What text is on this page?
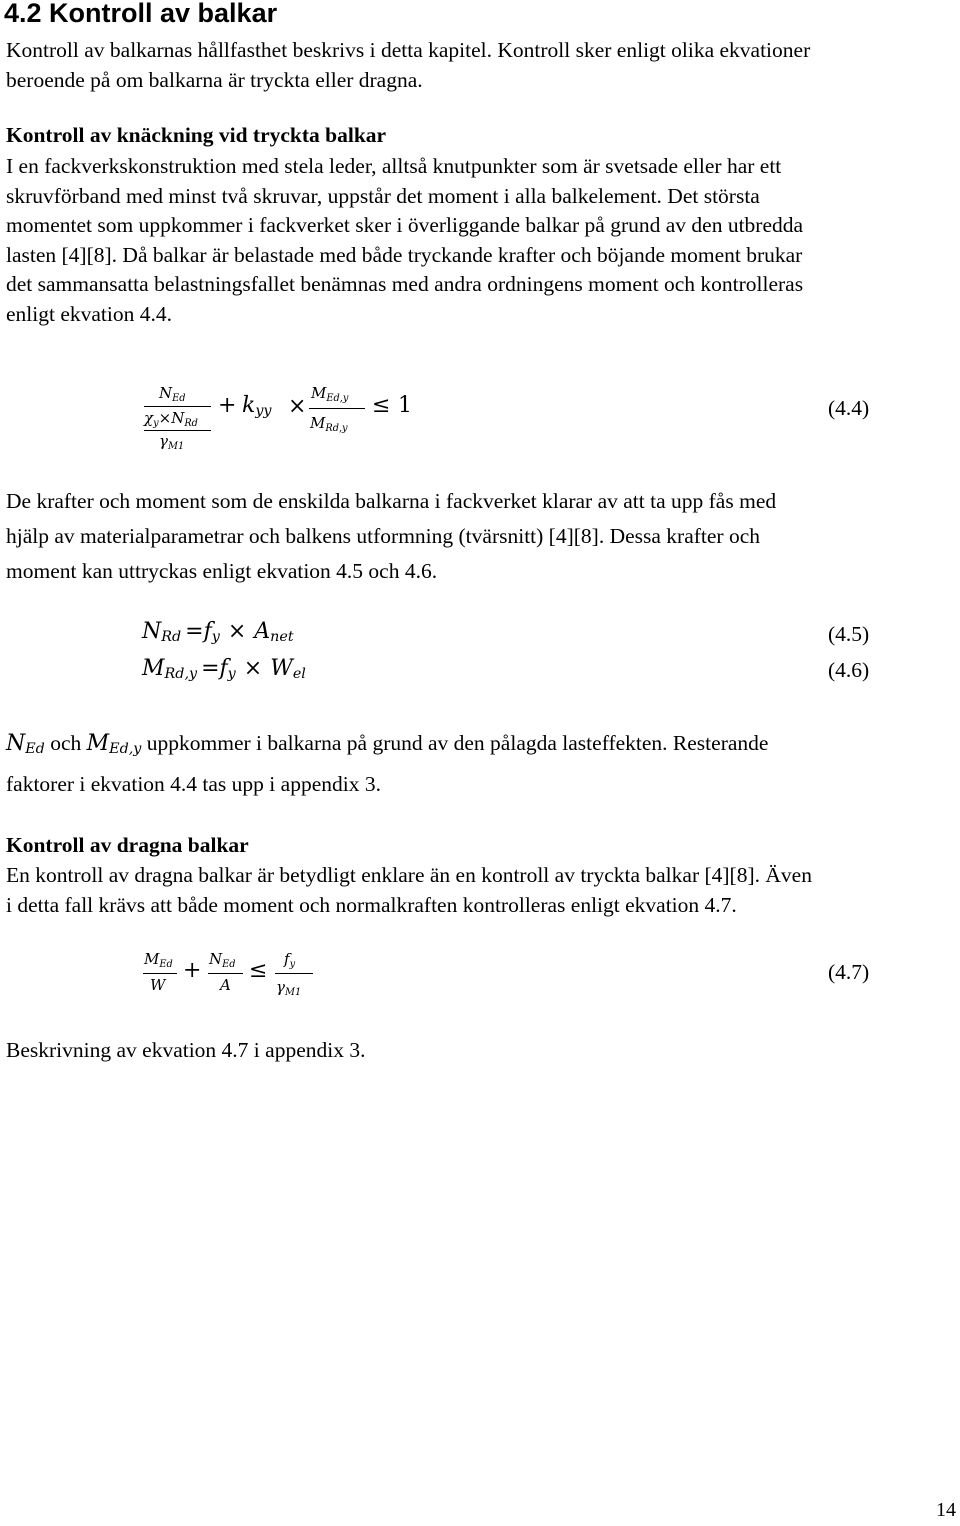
4.2 Kontroll av balkar
Kontroll av balkarnas hållfasthet beskrivs i detta kapitel. Kontroll sker enligt olika ekvationer
beroende på om balkarna är tryckta eller dragna.
Kontroll av knäckning vid tryckta balkar
I en fackverkskonstruktion med stela leder, alltså knutpunkter som är svetsade eller har ett
skruvförband med minst två skruvar, uppstår det moment i alla balkelement. Det största
momentet som uppkommer i fackverket sker i överliggande balkar på grund av den utbredda
lasten [4][8]. Då balkar är belastade med både tryckande krafter och böjande moment brukar
det sammansatta belastningsfallet benämnas med andra ordningens moment och kontrolleras
enligt ekvation 4.4.
$N_{Ed}$
$\chi_y\times N_{Rd}$
$\gamma_{M1}$
+ $k_{yy}$ ×
$M_{Ed,y}$
$M_{Rd,y}$
≤ 1	(4.4)
De krafter och moment som de enskilda balkarna i fackverket klarar av att ta upp fås med
hjälp av materialparametrar och balkens utformning (tvärsnitt) [4][8]. Dessa krafter och
moment kan uttryckas enligt ekvation 4.5 och 4.6.
$N_{Rd} =f_y \times A_{net}$	(4.5)
$M_{Rd,y} =f_y \times W_{el}$	(4.6)
$N_{Ed}$ och $M_{Ed,y}$ uppkommer i balkarna på grund av den pålagda lasteffekten. Resterande
faktorer i ekvation 4.4 tas upp i appendix 3.
Kontroll av dragna balkar
En kontroll av dragna balkar är betydligt enklare än en kontroll av tryckta balkar [4][8]. Även
i detta fall krävs att både moment och normalkraften kontrolleras enligt ekvation 4.7.
$M_{Ed}$
W
+ $N_{Ed}$
A
≤ $f_y$
$\gamma_{M1}$
(4.7)
Beskrivning av ekvation 4.7 i appendix 3.
14
